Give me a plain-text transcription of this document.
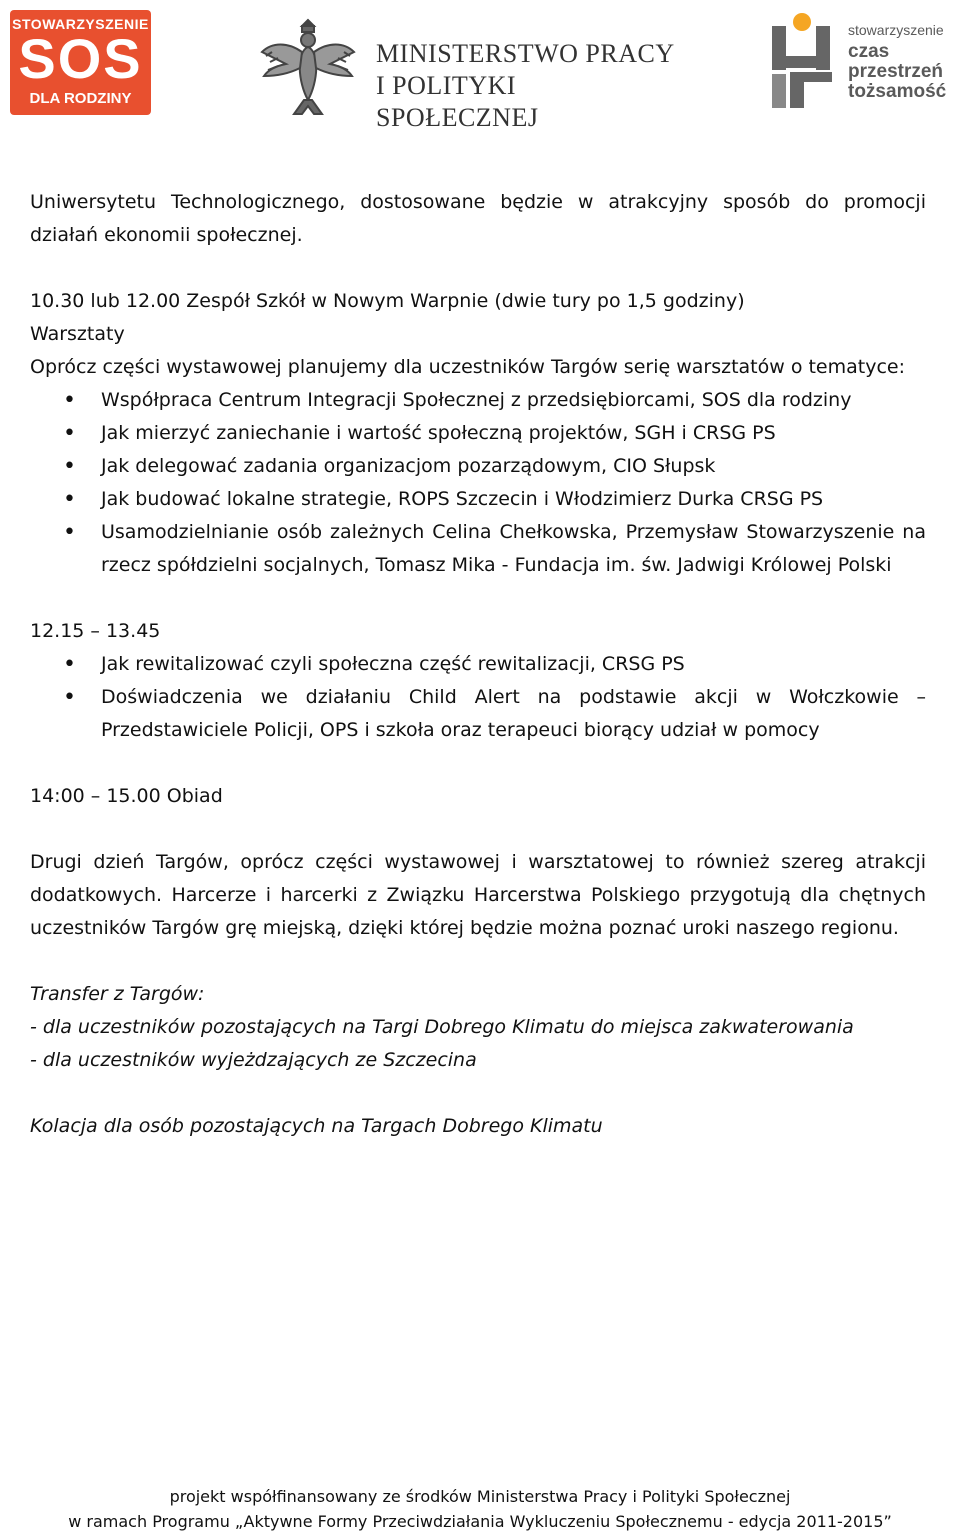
STOWARZYSZENIE
SOS
DLA RODZINY
MINISTERSTWO PRACY
I POLITYKI SPOŁECZNEJ
stowarzyszenie
czas
przestrzeń
tożsamość

Uniwersytetu Technologicznego, dostosowane będzie w atrakcyjny sposób do promocji

działań ekonomii społecznej.

10.30 lub 12.00 Zespół Szkół w Nowym Warpnie (dwie tury po 1,5 godziny)

Warsztaty

Oprócz części wystawowej planujemy dla uczestników Targów serię warsztatów o tematyce:

• Współpraca Centrum Integracji Społecznej z przedsiębiorcami, SOS dla rodziny
• Jak mierzyć zaniechanie i wartość społeczną projektów, SGH i CRSG PS
• Jak delegować zadania organizacjom pozarządowym, CIO Słupsk
• Jak budować lokalne strategie, ROPS Szczecin i Włodzimierz Durka CRSG PS
• Usamodzielnianie osób zależnych Celina Chełkowska, Przemysław Stowarzyszenie na rzecz spółdzielni socjalnych, Tomasz Mika - Fundacja im. św. Jadwigi Królowej Polski

12.15 – 13.45

• Jak rewitalizować czyli społeczna część rewitalizacji, CRSG PS
• Doświadczenia we działaniu Child Alert na podstawie akcji w Wołczkowie – Przedstawiciele Policji, OPS i szkoła oraz terapeuci biorący udział w pomocy

14:00 – 15.00 Obiad

Drugi dzień Targów, oprócz części wystawowej i warsztatowej to również szereg atrakcji dodatkowych. Harcerze i harcerki z Związku Harcerstwa Polskiego przygotują dla chętnych uczestników Targów grę miejską, dzięki której będzie można poznać uroki naszego regionu.

Transfer z Targów:

- dla uczestników pozostających na Targi Dobrego Klimatu do miejsca zakwaterowania

- dla uczestników wyjeżdzających ze Szczecina

Kolacja dla osób pozostających na Targach Dobrego Klimatu

projekt współfinansowany ze środków Ministerstwa Pracy i Polityki Społecznej
w ramach Programu „Aktywne Formy Przeciwdziałania Wykluczeniu Społecznemu - edycja 2011-2015”
